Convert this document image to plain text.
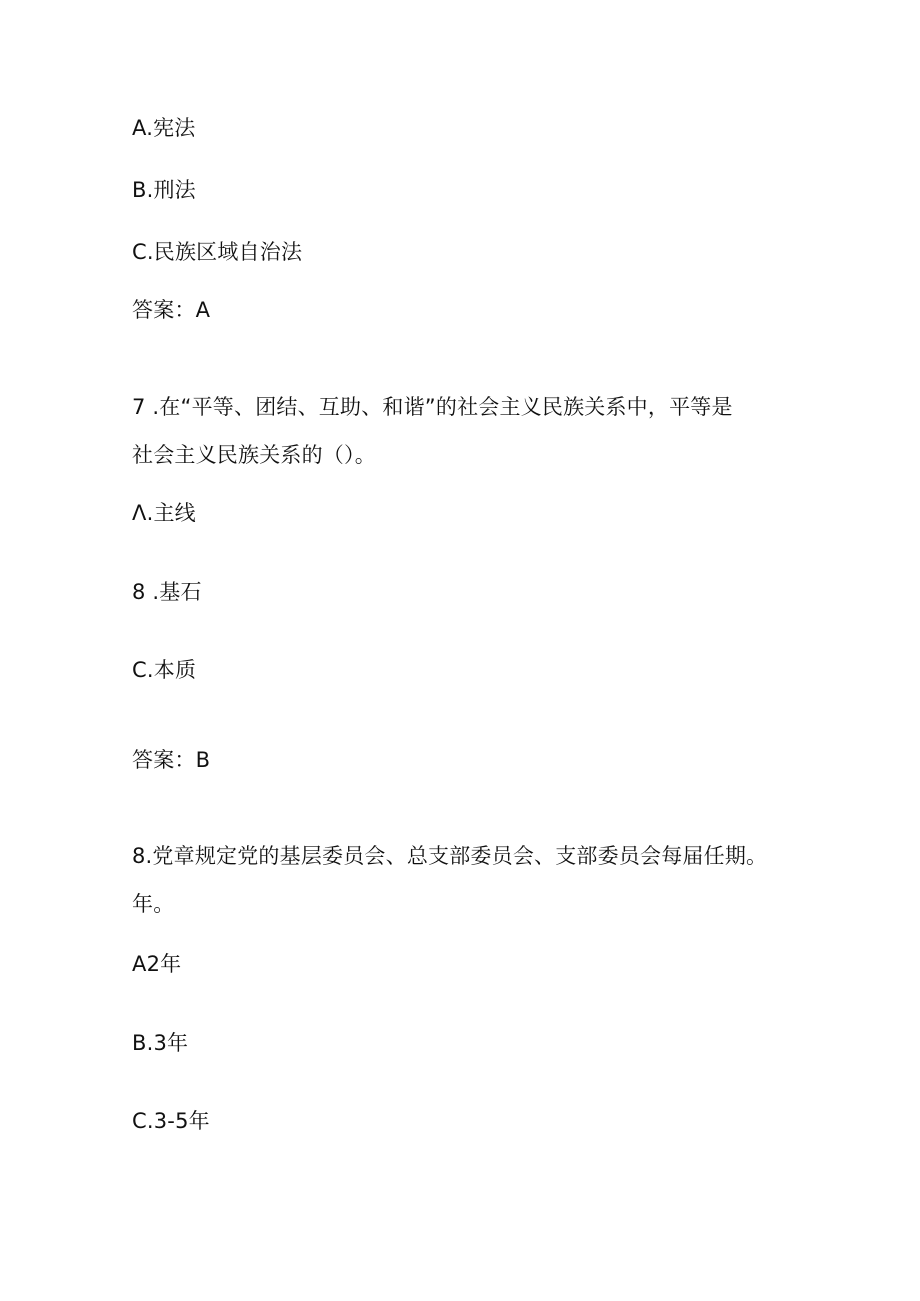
A.宪法
B.刑法
C.民族区域自治法
答案：A
7 .在“平等、团结、互助、和谐”的社会主义民族关系中，平等是
社会主义民族关系的（）。
Λ.主线
8 .基石
C.本质
答案：B
8.党章规定党的基层委员会、总支部委员会、支部委员会每届任期。
年。
A2年
B.3年
C.3-5年
